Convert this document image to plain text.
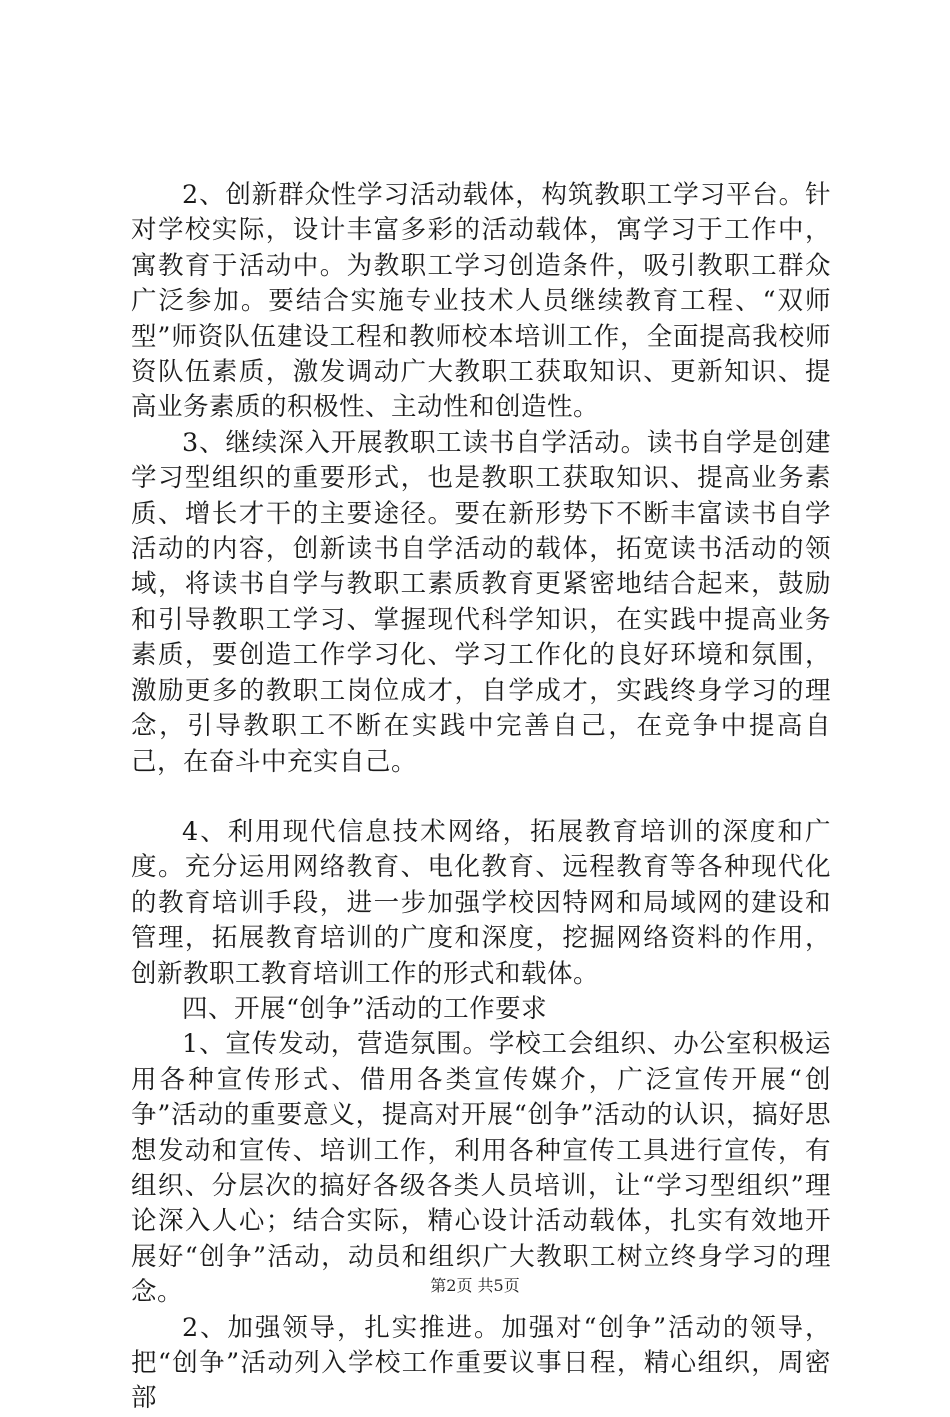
2、创新群众性学习活动载体，构筑教职工学习平台。针对学校实际，设计丰富多彩的活动载体，寓学习于工作中，寓教育于活动中。为教职工学习创造条件，吸引教职工群众广泛参加。要结合实施专业技术人员继续教育工程、“双师型”师资队伍建设工程和教师校本培训工作，全面提高我校师资队伍素质，激发调动广大教职工获取知识、更新知识、提高业务素质的积极性、主动性和创造性。

3、继续深入开展教职工读书自学活动。读书自学是创建学习型组织的重要形式，也是教职工获取知识、提高业务素质、增长才干的主要途径。要在新形势下不断丰富读书自学活动的内容，创新读书自学活动的载体，拓宽读书活动的领域，将读书自学与教职工素质教育更紧密地结合起来，鼓励和引导教职工学习、掌握现代科学知识，在实践中提高业务素质，要创造工作学习化、学习工作化的良好环境和氛围，激励更多的教职工岗位成才，自学成才，实践终身学习的理念，引导教职工不断在实践中完善自己，在竞争中提高自己，在奋斗中充实自己。

4、利用现代信息技术网络，拓展教育培训的深度和广度。充分运用网络教育、电化教育、远程教育等各种现代化的教育培训手段，进一步加强学校因特网和局域网的建设和管理，拓展教育培训的广度和深度，挖掘网络资料的作用，创新教职工教育培训工作的形式和载体。

四、开展“创争”活动的工作要求

1、宣传发动，营造氛围。学校工会组织、办公室积极运用各种宣传形式、借用各类宣传媒介，广泛宣传开展“创争”活动的重要意义，提高对开展“创争”活动的认识，搞好思想发动和宣传、培训工作，利用各种宣传工具进行宣传，有组织、分层次的搞好各级各类人员培训，让“学习型组织”理论深入人心；结合实际，精心设计活动载体，扎实有效地开展好“创争”活动，动员和组织广大教职工树立终身学习的理念。

2、加强领导，扎实推进。加强对“创争”活动的领导，把“创争”活动列入学校工作重要议事日程，精心组织，周密部

第2页 共5页
